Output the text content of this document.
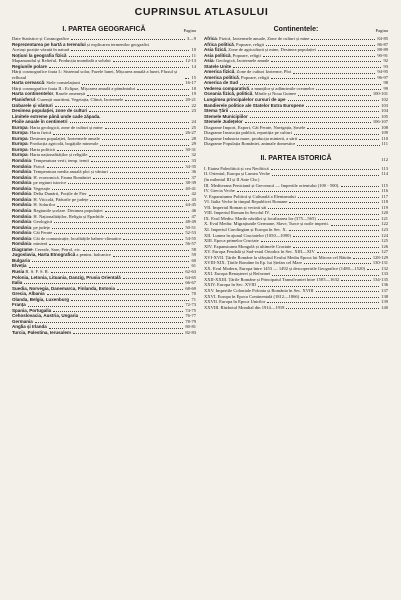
CUPRINSUL ATLASULUI
I. PARTEA GEOGRAFICĂ	Pagina
Date Statistice și Cosmografice	3—9
Reprezentarea pe hartă a terenului și explicarea termenilor geografici
Aceiași poziție văzută în natură	10
Noțiuni la geografia fizică	11
Mapamondul și Relieful, Producția mondială a solului	12-13
Regiunile polare	14
Hărți cosmografice foaia I.: Sistemul solar, Fazele lunei, Mișcarea anuală a lunei, Fluxul și refluxul	15
Harta cerească: Stele constelațiuni	16-17
Hărți cosmografice foaia II.: Eclipse, Mișcarea anuală a pământului	18
Harta continentelor, Rasele omenești	19
Planisferul: Curenții maritimi, Vegetația, Climă, Izotermele	20-21
Izobarele și vânturi	22
Desimea populației, zone de culturi	23
Limitele extreme până unde cade zăpada.
Ploile anuale în centimetri	24
Europa: Harta geologică, zone de culturi și mine	25
Europa: Harta fizică	26-27
Europa: Desimea populației, Izotermele anuale	28
Europa: Producția agricolă, bogățiile minerale	29
Europa: Harta politică	30-31
Europa: Harta naționalităților și religiile	32
România: Temperatura verii, temp. iernii	33
România: Fizică	34-35
România: Temperatura media anuală ploi și vânturi	36
România: H. economică. Fauna României	37
România: pe regiuni istorice	38-39
România: Vegetație	40-41
România: Delta Dunării, Porțile de Fier	42
România: H. Viticolă, Pădurile pe județe	43
România: H. Solurilor	44-45
România: Regiunile școlare. Desimea populației	46
România: H. Naționalităților, Religia și Eparhiile	47
România: Geologică	48-49
România: pe județe	50-51
România: Căi Ferate	52-53
România: Căi de comunicație, localitățile balneo-climatice	54-55
România: minieră	56-57
Diagrame: Cereale, Sare, Petrol, etc.	58
Jugoslavia, Harta Etnografică a penins. balcanice	59
Bulgaria	60
Elveția	61
Rusia R. S. F. S. R.	62-63
Polonia, Letonia, Lituania, Danzig, Prusia Orientală	64-65
Italia	66-67
Suedia, Norvegia, Danemarca, Finlanda, Estonia	68-69
Grecia, Albania	70
Olanda, Belgia, Luxenburg	71
Franța	72-73
Spania, Portugalia	74-75
Cehoslovacia, Austria, Ungaria	76-77
Germania	78-79
Anglia și Irlanda	80-81
Turcia, Palestina, Ierusalem	82-83
Continentele:	Pagina
Africa: Fizică, Izotermele anuale, Zone de culturi și mine	84-85
Africa politică, Popoare, religii	86-87
Asia fizică, Zone de agricultură și mine, Desimea populației	88-89
Asia politică, Popoare, religii	90-91
Asia: Geologică, Izotermele anuale	92
Statele Unite	93
America fizică, Zone de culturi Izoterme, Ploi	94-95
America politică, Popoare, religii	96-97
America de Sud	98
Vederea comparativă, a munților și adâncimile oceanelor	99
Oceania fizică, politică, Mările și Noua Guinee	100-101
Lungimea principalelor cursuri de ape	102
Bandierele politice ale Statelor Extra Europene	103
Stema Țării	104
Stemele Municipiilor	105
Stemele Județelor	106-107
Diagrame Import, Export, Căi Ferate, Navigația, Șosele	108
Diagrame Instrucția publică, repartiția pe culturi	109
Diagrame Industria mare, producția minieră, a sării	110
Diagrame Populația României, animale domestice	111
II. PARTEA ISTORICĂ	112
I. Etatea Paleolitică și cea Neolitică	113
II. Orientul, Europa și Lumea Veche	114
(în mileniul III și II Ante Chr.)
III. Mediterana Feniciană și Grecească — Imperiile orientului (100 - 500).	115
IV. Grecia Veche	116
V. Expansiunea Politică și Culturală a Elenismului	117
VI. Italia Veche în timpul Republicei Romane	118
VII. Imperiul Roman și vecinii săi	119
VIII. Imperiul Roman în Secolul IV.	120
IX. Evul Mediu: Marile năvăliri și localizarea lor (375—565)	121
X. Evul Mediu: Migrațiunile Germane, Slave, Turce și noile imperii.	122
XI. Imperiul Carolingian și Europa în Sec. X.	123
XII. Lumea în ajunul Cruciatelor (1050—1090)	124
XIII. Epoca primelor Cruciate	125
XIV. Expansiunea Mongolă și ultimele Cruciate	126
XV. Europa Feudală și Sud-estul Ortodox în Sec. XIII—XIV	127
XVI-XVII. Țările Române la sfârșitul Evului Mediu Epoca lui Mircea cel Bătrân	128-129
XVIII-XIX. Țările Române în Ep. lui Ștefan cel Mare	130-131
XX. Evul Modern, Europa între 1453 — 1492 și descoperirile Geografice (1480—1520)	132
XXI. Europa Renașterei și Reformei	133
XXII-XXIII. Țările Române și Principatul Transilvaniei între 1505—1632	134-135
XXIV. Europa în Sec. XVIII	136
XXV. Imperiile Coloniale Polonia și România în Sec. XVIII	137
XXVI. Europa în Epoca Continentală (1812—1866)	138
XXVII. Europa în Epoca Unirilor	139
XXVIII. Războiul Mondial din 1914—1918	140
